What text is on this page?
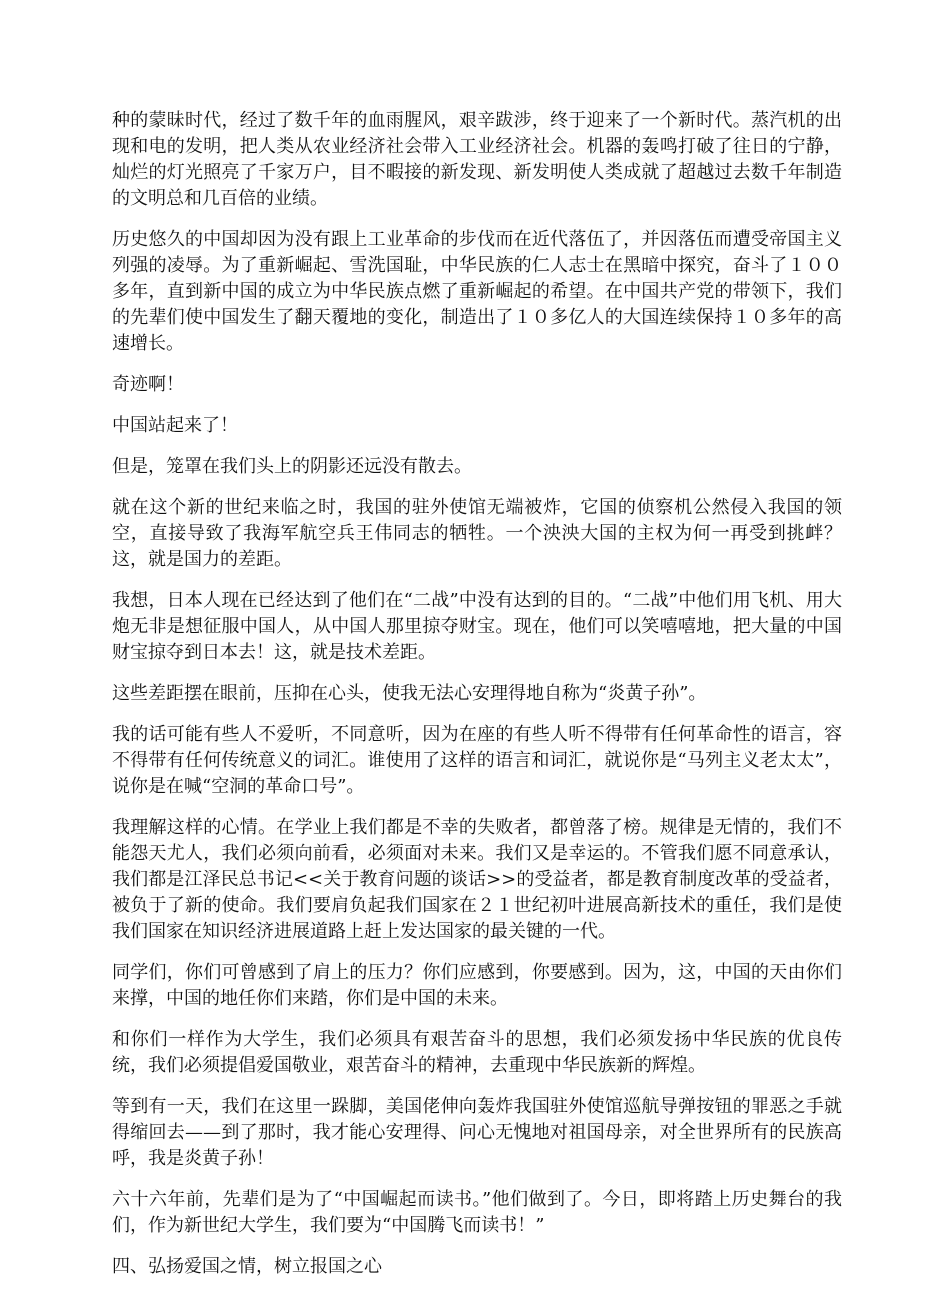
种的蒙昧时代，经过了数千年的血雨腥风，艰辛跋涉，终于迎来了一个新时代。蒸汽机的出现和电的发明，把人类从农业经济社会带入工业经济社会。机器的轰鸣打破了往日的宁静，灿烂的灯光照亮了千家万户，目不暇接的新发现、新发明使人类成就了超越过去数千年制造的文明总和几百倍的业绩。

历史悠久的中国却因为没有跟上工业革命的步伐而在近代落伍了，并因落伍而遭受帝国主义列强的凌辱。为了重新崛起、雪洗国耻，中华民族的仁人志士在黑暗中探究，奋斗了１００多年，直到新中国的成立为中华民族点燃了重新崛起的希望。在中国共产党的带领下，我们的先辈们使中国发生了翻天覆地的变化，制造出了１０多亿人的大国连续保持１０多年的高速增长。

奇迹啊！

中国站起来了！

但是，笼罩在我们头上的阴影还远没有散去。

就在这个新的世纪来临之时，我国的驻外使馆无端被炸，它国的侦察机公然侵入我国的领空，直接导致了我海军航空兵王伟同志的牺牲。一个泱泱大国的主权为何一再受到挑衅？这，就是国力的差距。

我想，日本人现在已经达到了他们在“二战”中没有达到的目的。“二战”中他们用飞机、用大炮无非是想征服中国人，从中国人那里掠夺财宝。现在，他们可以笑嘻嘻地，把大量的中国财宝掠夺到日本去！这，就是技术差距。

这些差距摆在眼前，压抑在心头，使我无法心安理得地自称为“炎黄子孙”。

我的话可能有些人不爱听，不同意听，因为在座的有些人听不得带有任何革命性的语言，容不得带有任何传统意义的词汇。谁使用了这样的语言和词汇，就说你是“马列主义老太太”，说你是在喊“空洞的革命口号”。

我理解这样的心情。在学业上我们都是不幸的失败者，都曾落了榜。规律是无情的，我们不能怨天尤人，我们必须向前看，必须面对未来。我们又是幸运的。不管我们愿不同意承认，我们都是江泽民总书记<<关于教育问题的谈话>>的受益者，都是教育制度改革的受益者，被负于了新的使命。我们要肩负起我们国家在２１世纪初叶进展高新技术的重任，我们是使我们国家在知识经济进展道路上赶上发达国家的最关键的一代。

同学们，你们可曾感到了肩上的压力？你们应感到，你要感到。因为，这，中国的天由你们来撑，中国的地任你们来踏，你们是中国的未来。

和你们一样作为大学生，我们必须具有艰苦奋斗的思想，我们必须发扬中华民族的优良传统，我们必须提倡爱国敬业，艰苦奋斗的精神，去重现中华民族新的辉煌。

等到有一天，我们在这里一跺脚，美国佬伸向轰炸我国驻外使馆巡航导弹按钮的罪恶之手就得缩回去——到了那时，我才能心安理得、问心无愧地对祖国母亲，对全世界所有的民族高呼，我是炎黄子孙！

六十六年前，先辈们是为了“中国崛起而读书。”他们做到了。今日，即将踏上历史舞台的我们，作为新世纪大学生，我们要为“中国腾飞而读书！”

四、弘扬爱国之情，树立报国之心
